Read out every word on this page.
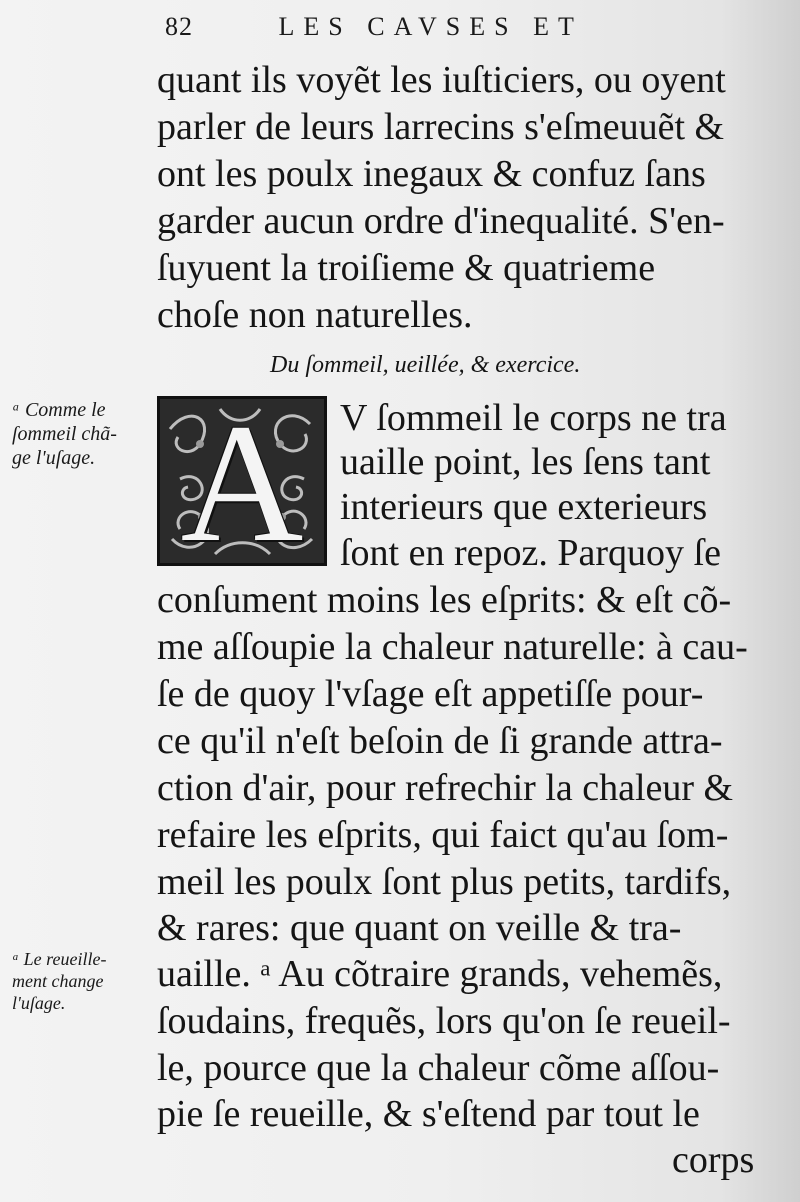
82	LES CAVSES ET
quant ils voyẽt les iuſticiers, ou oyent
parler de leurs larrecins s'eſmeuuẽt &
ont les poulx inegaux & confuz ſans
garder aucun ordre d'inequalité. S'en-
ſuyuent la troiſieme & quatrieme
choſe non naturelles.
Du ſommeil, ueillée, & exercice.
A V ſommeil le corps ne tra
uaille point, les ſens tant
interieurs que exterieurs
ſont en repoz. Parquoy ſe
conſument moins les eſprits: & eſt cõ-
me aſſoupie la chaleur naturelle: à cau-
ſe de quoy l'vſage eſt appetiſſe pour-
ce qu'il n'eſt beſoin de ſi grande attra-
ction d'air, pour refrechir la chaleur &
refaire les eſprits, qui faict qu'au ſom-
meil les poulx ſont plus petits, tardifs,
& rares: que quant on veille & tra-
uaille. ᵃ Au cõtraire grands, vehemẽs,
ſoudains, frequẽs, lors qu'on ſe reueil-
le, pource que la chaleur cõme aſſou-
pie ſe reueille, & s'eſtend par tout le
corps
ᵃ Comme le
ſommeil chã-
ge l'uſage.
ᵃ Le reueille-
ment change
l'uſage.
